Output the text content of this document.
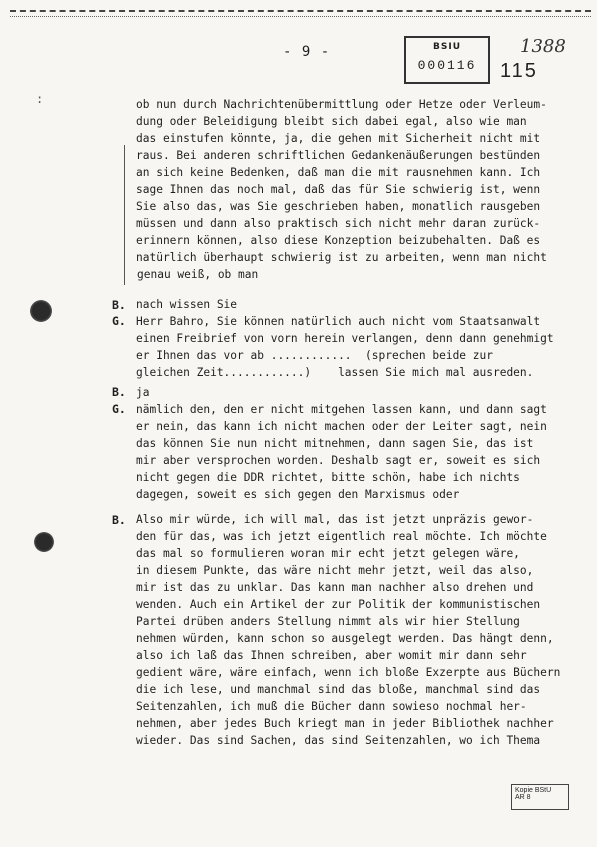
- 9 -	BSIU
000116
1388
115
:
B.
G.
B.
G.
B.
ob nun durch Nachrichtenübermittlung oder Hetze oder Verleum-
dung oder Beleidigung bleibt sich dabei egal, also wie man
das einstufen könnte, ja, die gehen mit Sicherheit nicht mit
raus. Bei anderen schriftlichen Gedankenäußerungen bestünden
an sich keine Bedenken, daß man die mit rausnehmen kann. Ich
sage Ihnen das noch mal, daß das für Sie schwierig ist, wenn
Sie also das, was Sie geschrieben haben, monatlich rausgeben
müssen und dann also praktisch sich nicht mehr daran zurück-
erinnern können, also diese Konzeption beizubehalten. Daß es
natürlich überhaupt schwierig ist zu arbeiten, wenn man nicht
genau weiß, ob man
nach wissen Sie
Herr Bahro, Sie können natürlich auch nicht vom Staatsanwalt
einen Freibrief von vorn herein verlangen, denn dann genehmigt
er Ihnen das vor ab ............  (sprechen beide zur
gleichen Zeit............)    lassen Sie mich mal ausreden.
ja
nämlich den, den er nicht mitgehen lassen kann, und dann sagt
er nein, das kann ich nicht machen oder der Leiter sagt, nein
das können Sie nun nicht mitnehmen, dann sagen Sie, das ist
mir aber versprochen worden. Deshalb sagt er, soweit es sich
nicht gegen die DDR richtet, bitte schön, habe ich nichts
dagegen, soweit es sich gegen den Marxismus oder
Also mir würde, ich will mal, das ist jetzt unpräzis gewor-
den für das, was ich jetzt eigentlich real möchte. Ich möchte
das mal so formulieren woran mir echt jetzt gelegen wäre,
in diesem Punkte, das wäre nicht mehr jetzt, weil das also,
mir ist das zu unklar. Das kann man nachher also drehen und
wenden. Auch ein Artikel der zur Politik der kommunistischen
Partei drüben anders Stellung nimmt als wir hier Stellung
nehmen würden, kann schon so ausgelegt werden. Das hängt denn,
also ich laß das Ihnen schreiben, aber womit mir dann sehr
gedient wäre, wäre einfach, wenn ich bloße Exzerpte aus Büchern
die ich lese, und manchmal sind das bloße, manchmal sind das
Seitenzahlen, ich muß die Bücher dann sowieso nochmal her-
nehmen, aber jedes Buch kriegt man in jeder Bibliothek nachher
wieder. Das sind Sachen, das sind Seitenzahlen, wo ich Thema
Kopie BStU
AR 8
